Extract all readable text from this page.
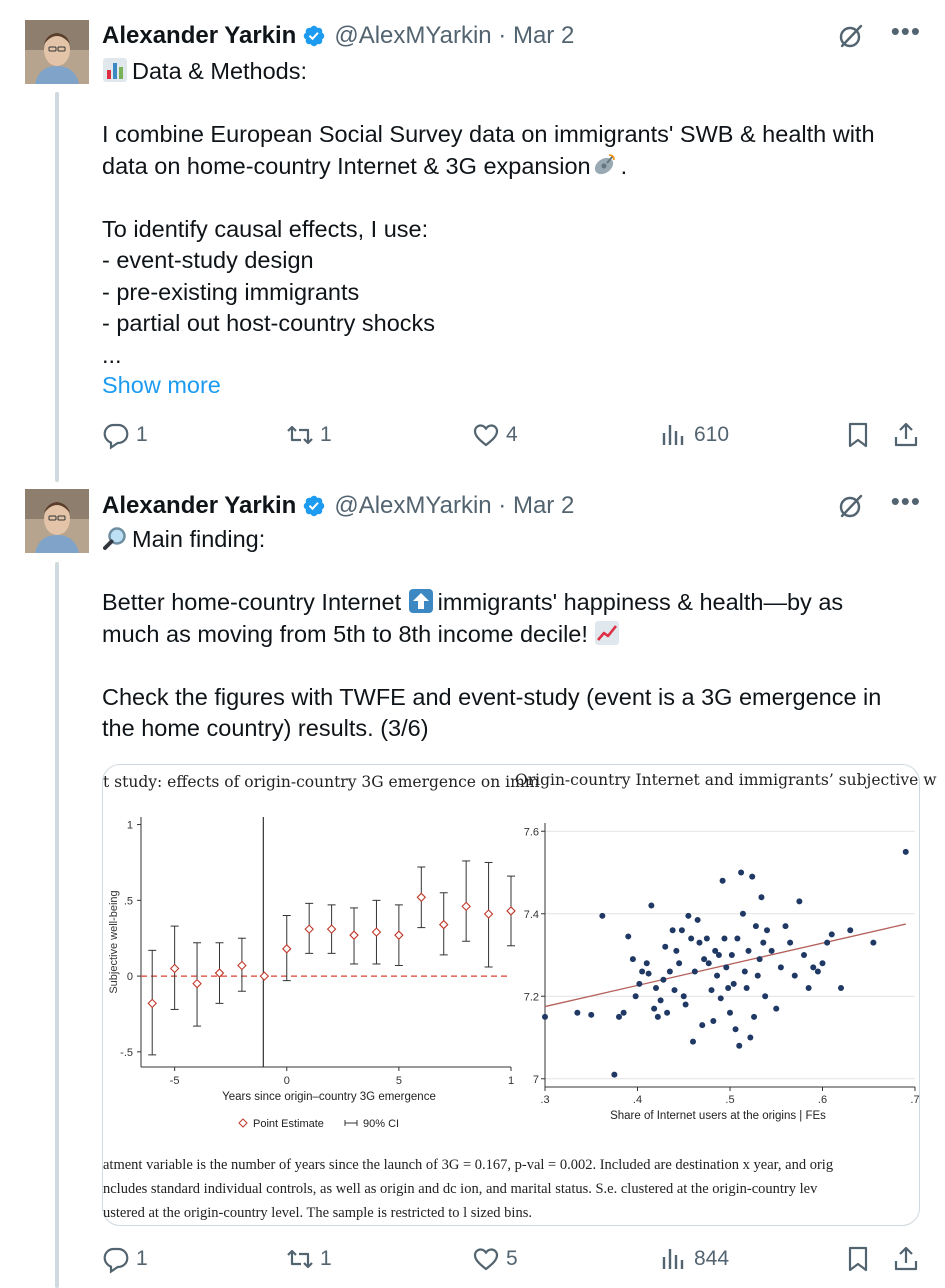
Alexander Yarkin @AlexMYarkin · Mar 2	•••
Data & Methods:

I combine European Social Survey data on immigrants' SWB & health with
data on home-country Internet & 3G expansion .

To identify causal effects, I use:
- event-study design
- pre-existing immigrants
- partial out host-country shocks
...
Show more
1	1	4	610
Alexander Yarkin @AlexMYarkin · Mar 2	•••
Main finding:

Better home-country Internet immigrants' happiness & health—by as
much as moving from 5th to 8th income decile!

Check the figures with TWFE and event-study (event is a 3G emergence in
the home country) results. (3/6)
t study: effects of origin-country 3G emergence on imm
Origin-country Internet and immigrants’ subjective w
1
.5
0
-.5
-5	0	5	1
Subjective well-being
Years since origin–country 3G emergence
Point Estimate	90% CI
7.6
7.4
7.2
7
.3	.4	.5	.6	.7
Share of Internet users at the origins | FEs
atment variable is the number of years since the launch of 3G = 0.167, p-val = 0.002. Included are destination x year, and orig
ncludes standard individual controls, as well as origin and dc ion, and marital status. S.e. clustered at the origin-country lev
ustered at the origin-country level. The sample is restricted to l sized bins.
1	1	5	844
